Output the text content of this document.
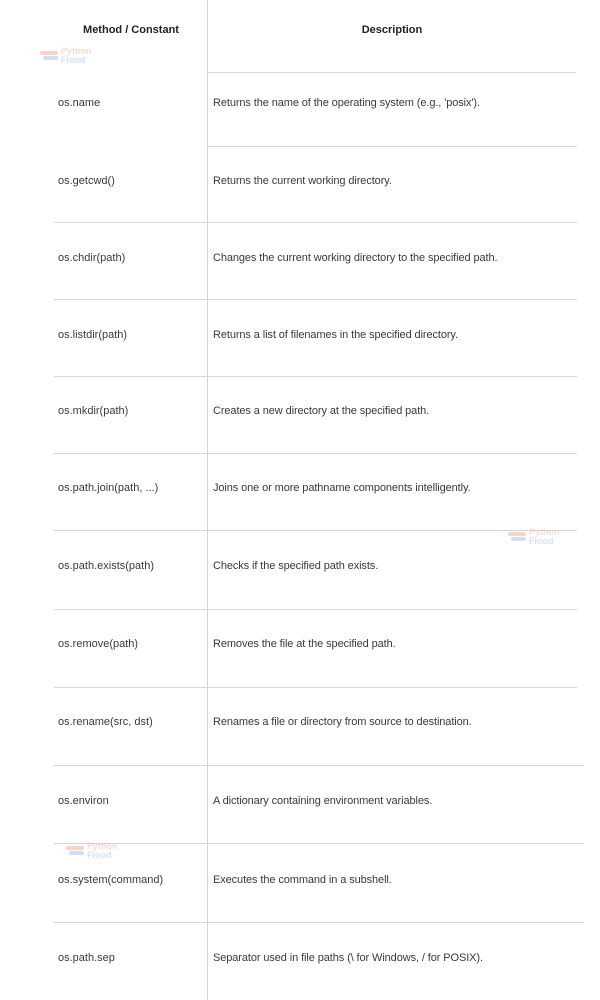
Method / Constant	Description
os.name	Returns the name of the operating system (e.g., 'posix').
os.getcwd()	Returns the current working directory.
os.chdir(path)	Changes the current working directory to the specified path.
os.listdir(path)	Returns a list of filenames in the specified directory.
os.mkdir(path)	Creates a new directory at the specified path.
os.path.join(path, ...)	Joins one or more pathname components intelligently.
os.path.exists(path)	Checks if the specified path exists.
os.remove(path)	Removes the file at the specified path.
os.rename(src, dst)	Renames a file or directory from source to destination.
os.environ	A dictionary containing environment variables.
os.system(command)	Executes the command in a subshell.
os.path.sep	Separator used in file paths (\ for Windows, / for POSIX).
Python
Flood
Python
Flood
Python
Flood
